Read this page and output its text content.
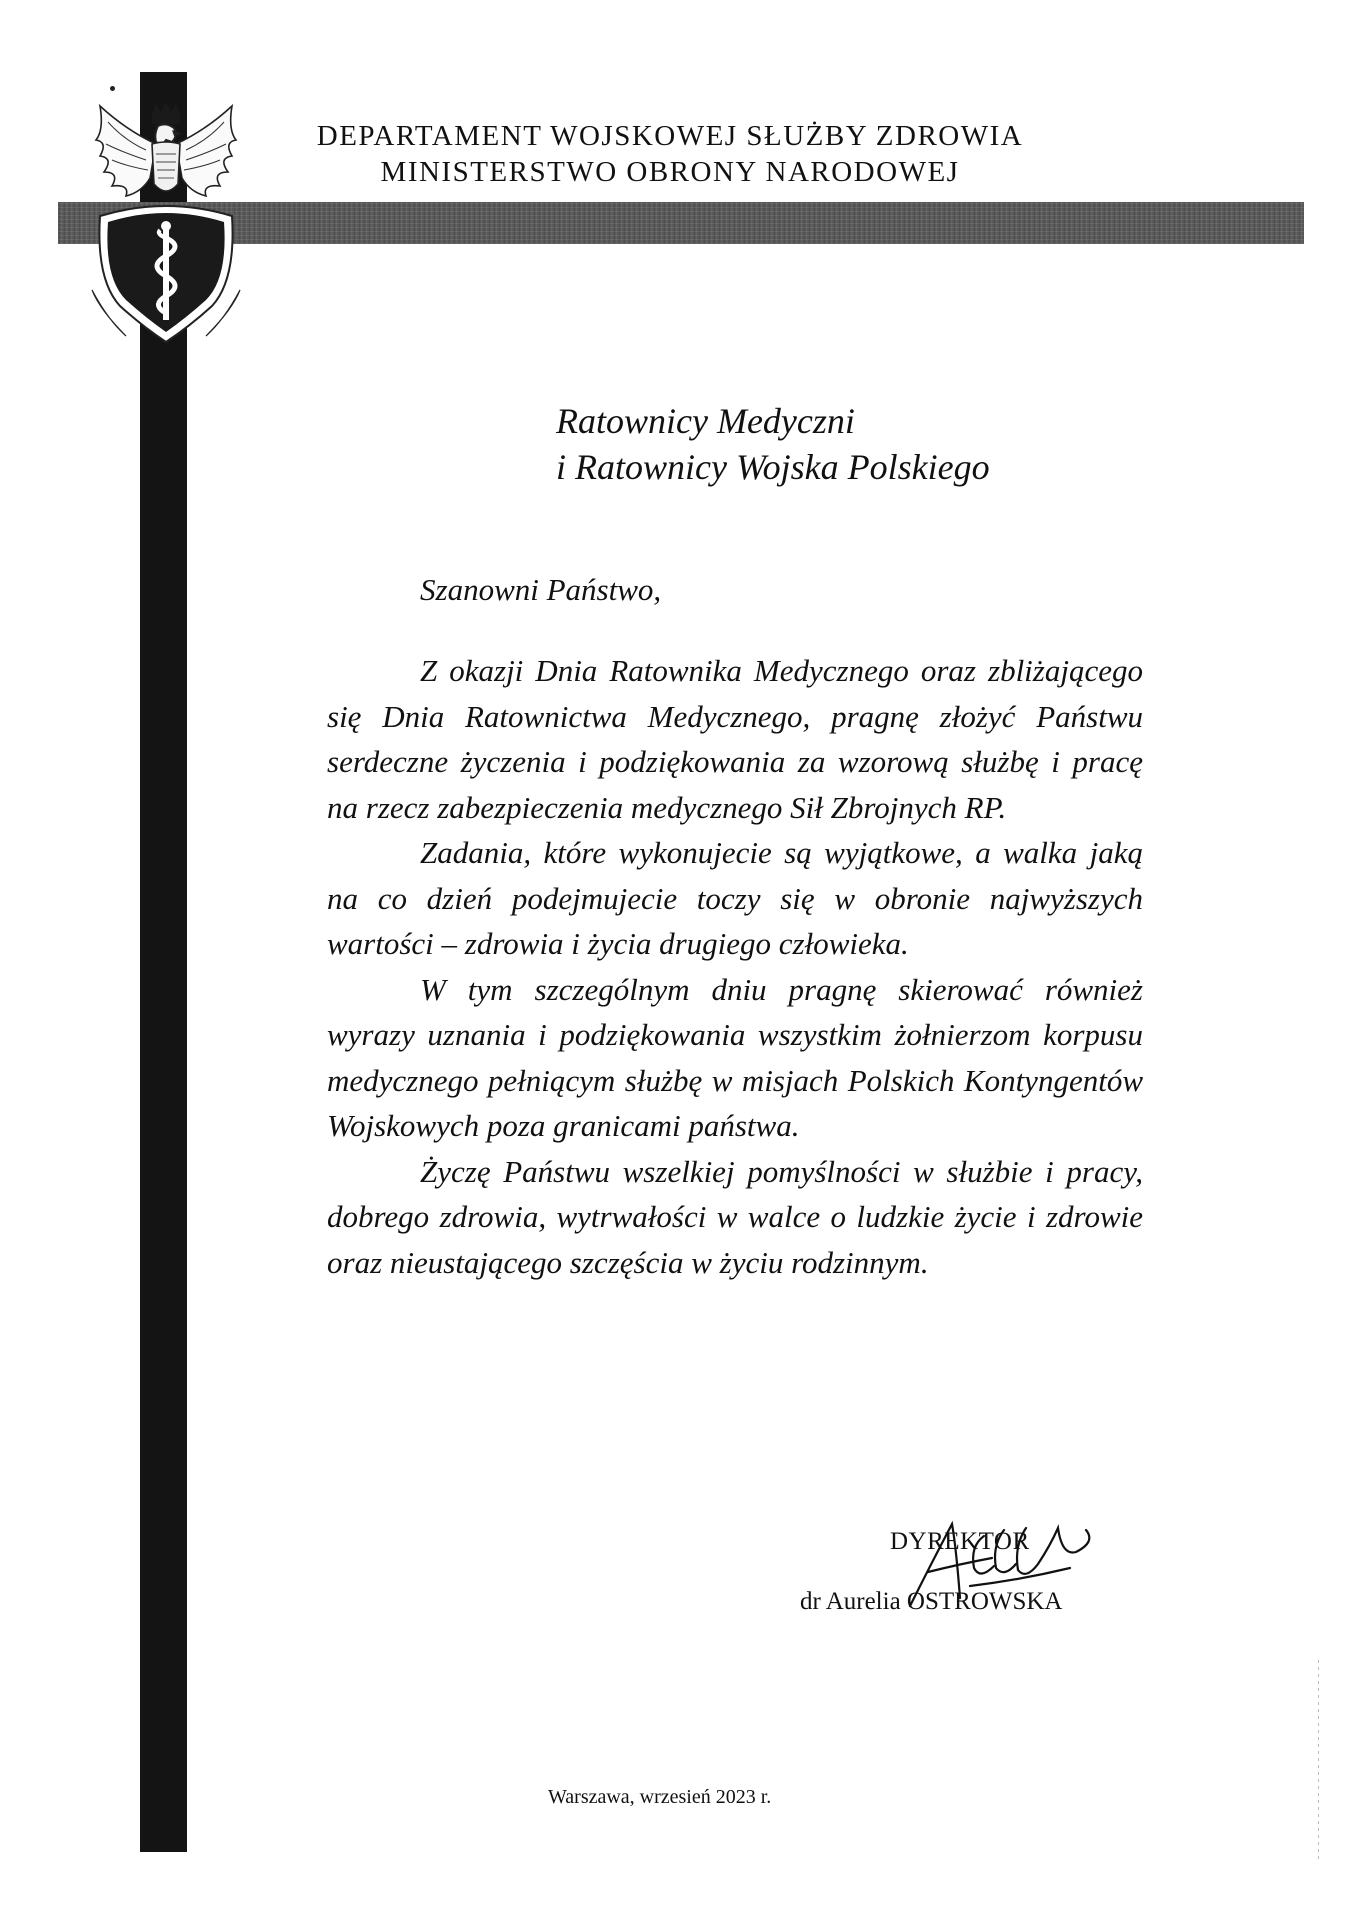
DEPARTAMENT WOJSKOWEJ SŁUŻBY ZDROWIA
MINISTERSTWO OBRONY NARODOWEJ
Ratownicy Medyczni
i Ratownicy Wojska Polskiego
Szanowni Państwo,

Z okazji Dnia Ratownika Medycznego oraz zbliżającego się Dnia Ratownictwa Medycznego, pragnę złożyć Państwu serdeczne życzenia i podziękowania za wzorową służbę i pracę na rzecz zabezpieczenia medycznego Sił Zbrojnych RP.

Zadania, które wykonujecie są wyjątkowe, a walka jaką na co dzień podejmujecie toczy się w obronie najwyższych wartości – zdrowia i życia drugiego człowieka.

W tym szczególnym dniu pragnę skierować również wyrazy uznania i podziękowania wszystkim żołnierzom korpusu medycznego pełniącym służbę w misjach Polskich Kontyngentów Wojskowych poza granicami państwa.

Życzę Państwu wszelkiej pomyślności w służbie i pracy, dobrego zdrowia, wytrwałości w walce o ludzkie życie i zdrowie oraz nieustającego szczęścia w życiu rodzinnym.

DYREKTOR
dr Aurelia OSTROWSKA
Warszawa, wrzesień 2023 r.
